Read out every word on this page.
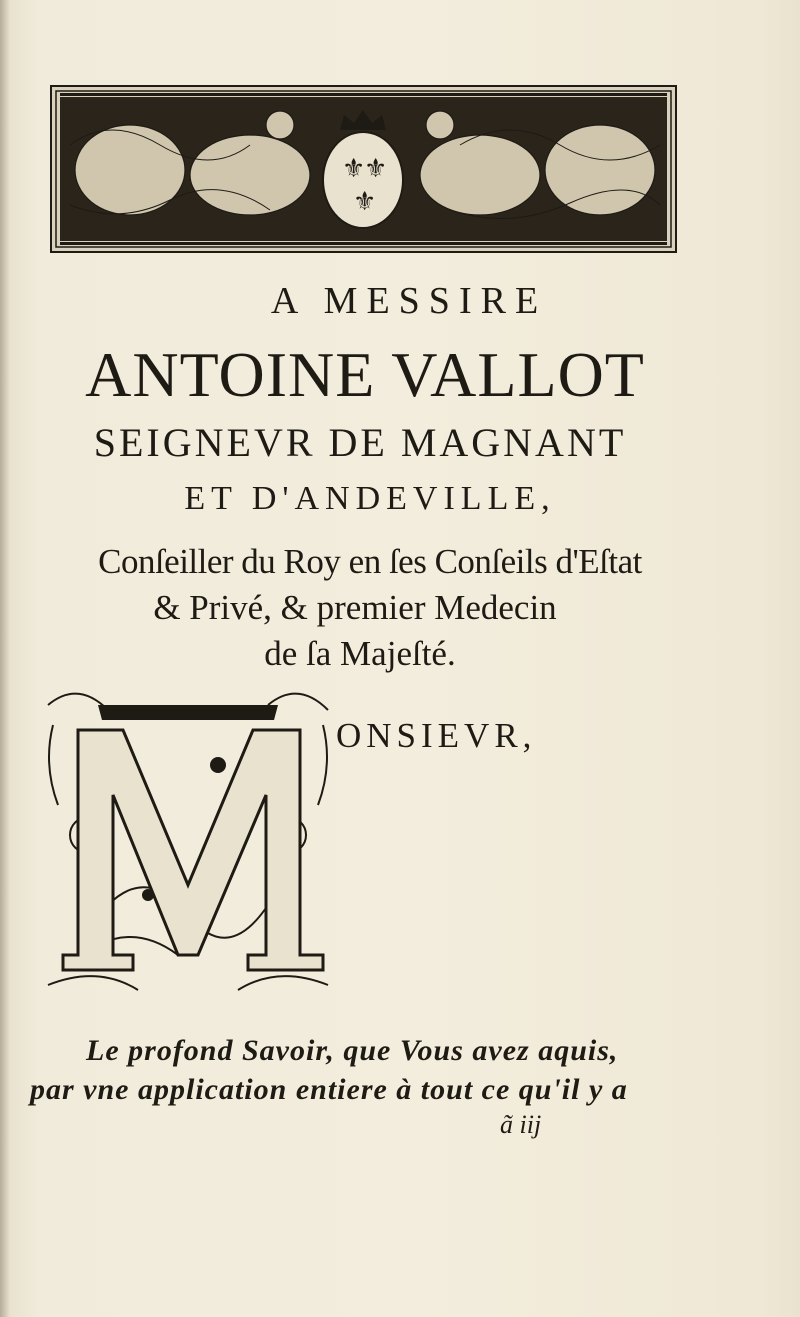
⚜
⚜
⚜
A MESSIRE
ANTOINE VALLOT
SEIGNEVR DE MAGNANT
ET D'ANDEVILLE,
Conſeiller du Roy en ſes Conſeils d'Eſtat
& Privé, & premier Medecin
de ſa Majeſté.
ONSIEVR,
Le profond Savoir, que Vous avez aquis,
par vne application entiere à tout ce qu'il y a
ã iij
